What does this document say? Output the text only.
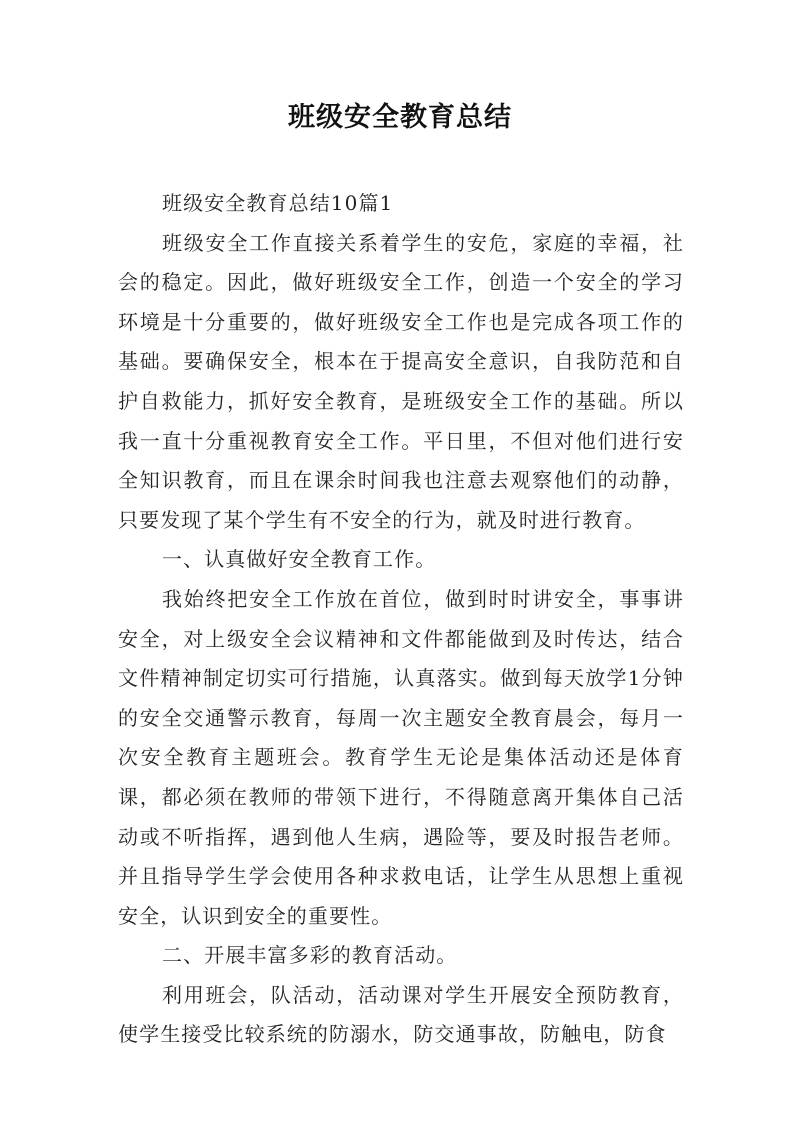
班级安全教育总结

班级安全教育总结10篇1

班级安全工作直接关系着学生的安危，家庭的幸福，社会的稳定。因此，做好班级安全工作，创造一个安全的学习环境是十分重要的，做好班级安全工作也是完成各项工作的基础。要确保安全，根本在于提高安全意识，自我防范和自护自救能力，抓好安全教育，是班级安全工作的基础。所以我一直十分重视教育安全工作。平日里，不但对他们进行安全知识教育，而且在课余时间我也注意去观察他们的动静，只要发现了某个学生有不安全的行为，就及时进行教育。

一、认真做好安全教育工作。

我始终把安全工作放在首位，做到时时讲安全，事事讲安全，对上级安全会议精神和文件都能做到及时传达，结合文件精神制定切实可行措施，认真落实。做到每天放学1分钟的安全交通警示教育，每周一次主题安全教育晨会，每月一次安全教育主题班会。教育学生无论是集体活动还是体育课，都必须在教师的带领下进行，不得随意离开集体自己活动或不听指挥，遇到他人生病，遇险等，要及时报告老师。并且指导学生学会使用各种求救电话，让学生从思想上重视安全，认识到安全的重要性。

二、开展丰富多彩的教育活动。

利用班会，队活动，活动课对学生开展安全预防教育，使学生接受比较系统的防溺水，防交通事故，防触电，防食
